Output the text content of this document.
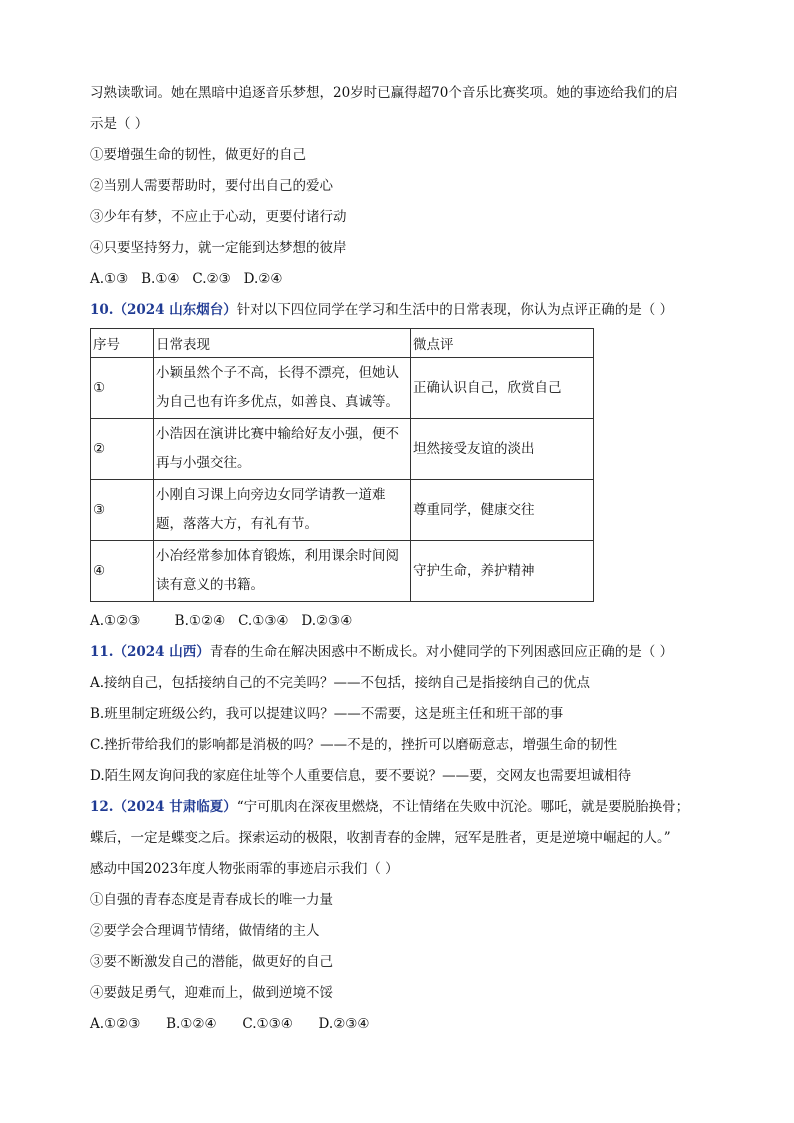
习熟读歌词。她在黑暗中追逐音乐梦想，20岁时已赢得超70个音乐比赛奖项。她的事迹给我们的启
示是（ ）
①要增强生命的韧性，做更好的自己
②当别人需要帮助时，要付出自己的爱心
③少年有梦，不应止于心动，更要付诸行动
④只要坚持努力，就一定能到达梦想的彼岸
A.①③   B.①④   C.②③   D.②④
10.（2024 山东烟台）针对以下四位同学在学习和生活中的日常表现，你认为点评正确的是（ ）
序号	日常表现	微点评
①	小颖虽然个子不高，长得不漂亮，但她认为自己也有许多优点，如善良、真诚等。	正确认识自己，欣赏自己
②	小浩因在演讲比赛中输给好友小强，便不再与小强交往。	坦然接受友谊的淡出
③	小刚自习课上向旁边女同学请教一道难题，落落大方，有礼有节。	尊重同学，健康交往
④	小冶经常参加体育锻炼，利用课余时间阅读有意义的书籍。	守护生命，养护精神
A.①②③        B.①②④   C.①③④   D.②③④
11.（2024 山西）青春的生命在解决困惑中不断成长。对小健同学的下列困惑回应正确的是（ ）
A.接纳自己，包括接纳自己的不完美吗？——不包括，接纳自己是指接纳自己的优点
B.班里制定班级公约，我可以提建议吗？——不需要，这是班主任和班干部的事
C.挫折带给我们的影响都是消极的吗？——不是的，挫折可以磨砺意志，增强生命的韧性
D.陌生网友询问我的家庭住址等个人重要信息，要不要说？——要，交网友也需要坦诚相待
12.（2024 甘肃临夏）“宁可肌肉在深夜里燃烧，不让情绪在失败中沉沦。哪吒，就是要脱胎换骨；
蝶后，一定是蝶变之后。探索运动的极限，收割青春的金牌，冠军是胜者，更是逆境中崛起的人。”
感动中国2023年度人物张雨霏的事迹启示我们（ ）
①自强的青春态度是青春成长的唯一力量
②要学会合理调节情绪，做情绪的主人
③要不断激发自己的潜能，做更好的自己
④要鼓足勇气，迎难而上，做到逆境不馁
A.①②③      B.①②④      C.①③④      D.②③④
